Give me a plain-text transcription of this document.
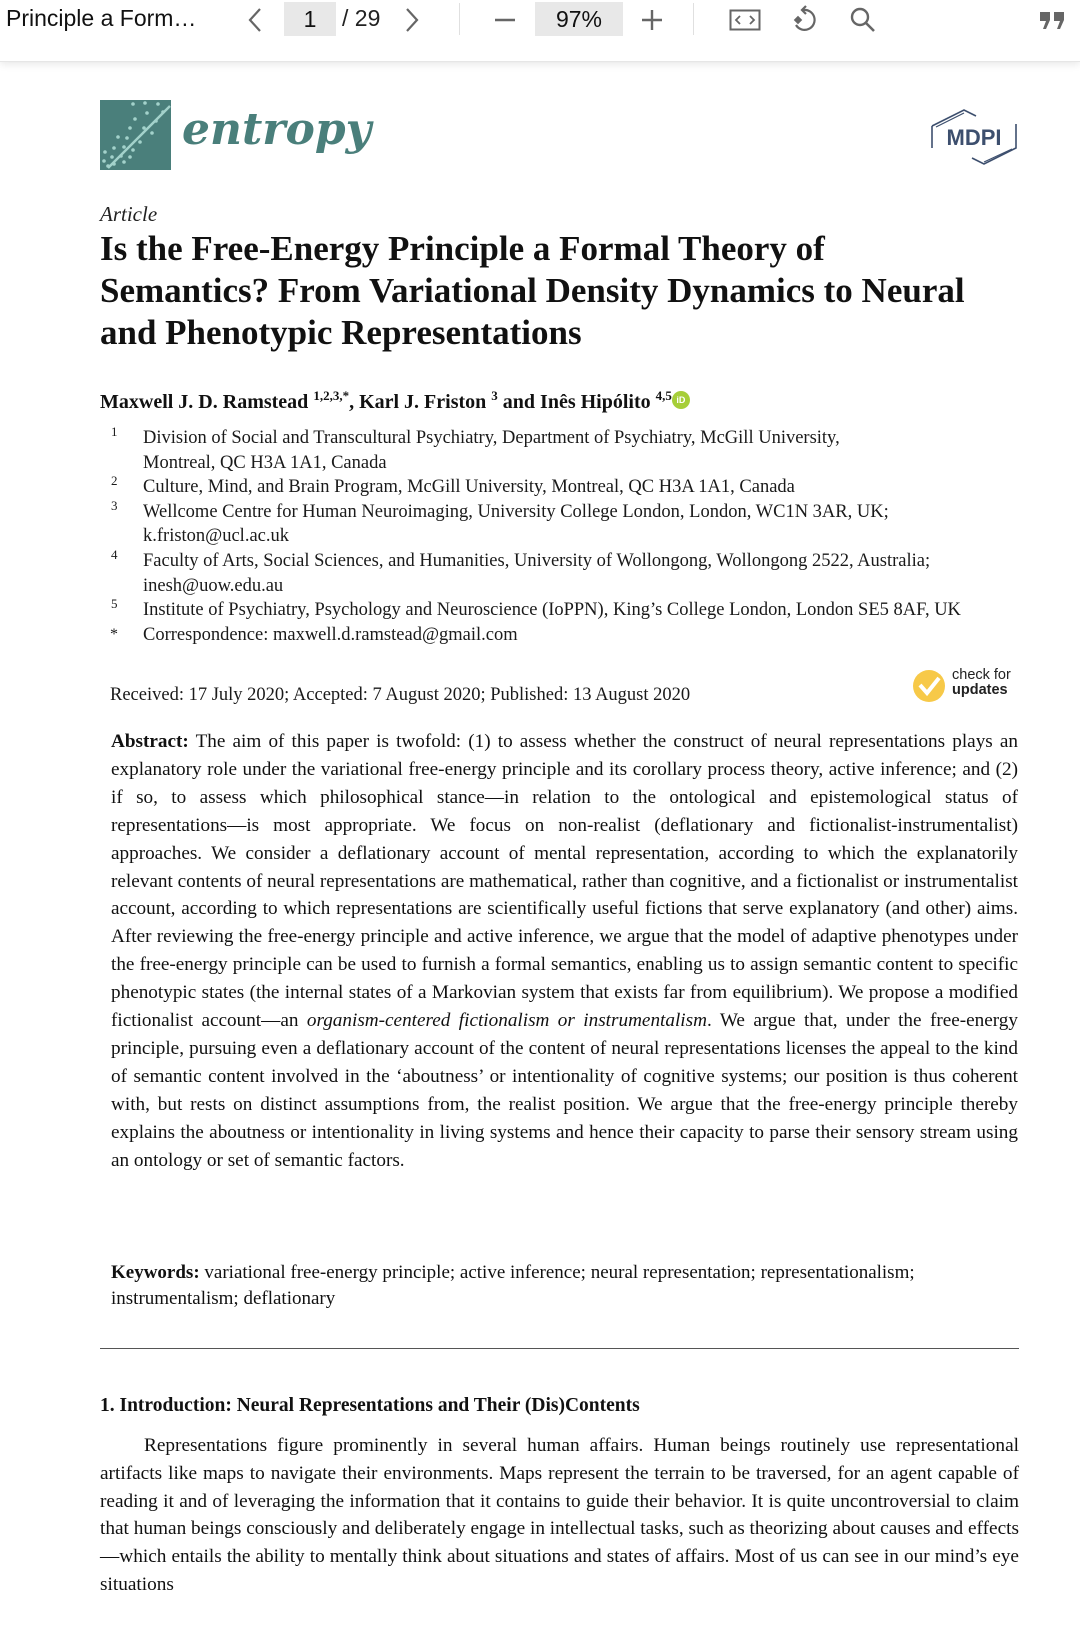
Principle a Form…	1	/ 29	97%
entropy	MDPI
Article
Is the Free-Energy Principle a Formal Theory of Semantics? From Variational Density Dynamics to Neural and Phenotypic Representations
Maxwell J. D. Ramstead $^{1,2,3,*}$, Karl J. Friston $^3$ and Inês Hipólito $^{4,5}$ iD
1 Division of Social and Transcultural Psychiatry, Department of Psychiatry, McGill University,
Montreal, QC H3A 1A1, Canada
2 Culture, Mind, and Brain Program, McGill University, Montreal, QC H3A 1A1, Canada
3 Wellcome Centre for Human Neuroimaging, University College London, London, WC1N 3AR, UK;
k.friston@ucl.ac.uk
4 Faculty of Arts, Social Sciences, and Humanities, University of Wollongong, Wollongong 2522, Australia;
inesh@uow.edu.au
5 Institute of Psychiatry, Psychology and Neuroscience (IoPPN), King’s College London, London SE5 8AF, UK
* Correspondence: maxwell.d.ramstead@gmail.com
Received: 17 July 2020; Accepted: 7 August 2020; Published: 13 August 2020
check for
updates
Abstract: The aim of this paper is twofold: (1) to assess whether the construct of neural representations plays an explanatory role under the variational free-energy principle and its corollary process theory, active inference; and (2) if so, to assess which philosophical stance—in relation to the ontological and epistemological status of representations—is most appropriate. We focus on non-realist (deflationary and fictionalist-instrumentalist) approaches. We consider a deflationary account of mental representation, according to which the explanatorily relevant contents of neural representations are mathematical, rather than cognitive, and a fictionalist or instrumentalist account, according to which representations are scientifically useful fictions that serve explanatory (and other) aims. After reviewing the free-energy principle and active inference, we argue that the model of adaptive phenotypes under the free-energy principle can be used to furnish a formal semantics, enabling us to assign semantic content to specific phenotypic states (the internal states of a Markovian system that exists far from equilibrium). We propose a modified fictionalist account—an organism-centered fictionalism or instrumentalism. We argue that, under the free-energy principle, pursuing even a deflationary account of the content of neural representations licenses the appeal to the kind of semantic content involved in the ‘aboutness’ or intentionality of cognitive systems; our position is thus coherent with, but rests on distinct assumptions from, the realist position. We argue that the free-energy principle thereby explains the aboutness or intentionality in living systems and hence their capacity to parse their sensory stream using an ontology or set of semantic factors.
Keywords: variational free-energy principle; active inference; neural representation; representationalism; instrumentalism; deflationary
1. Introduction: Neural Representations and Their (Dis)Contents
Representations figure prominently in several human affairs. Human beings routinely use representational artifacts like maps to navigate their environments. Maps represent the terrain to be traversed, for an agent capable of reading it and of leveraging the information that it contains to guide their behavior. It is quite uncontroversial to claim that human beings consciously and deliberately engage in intellectual tasks, such as theorizing about causes and effects—which entails the ability to mentally think about situations and states of affairs. Most of us can see in our mind’s eye situations
